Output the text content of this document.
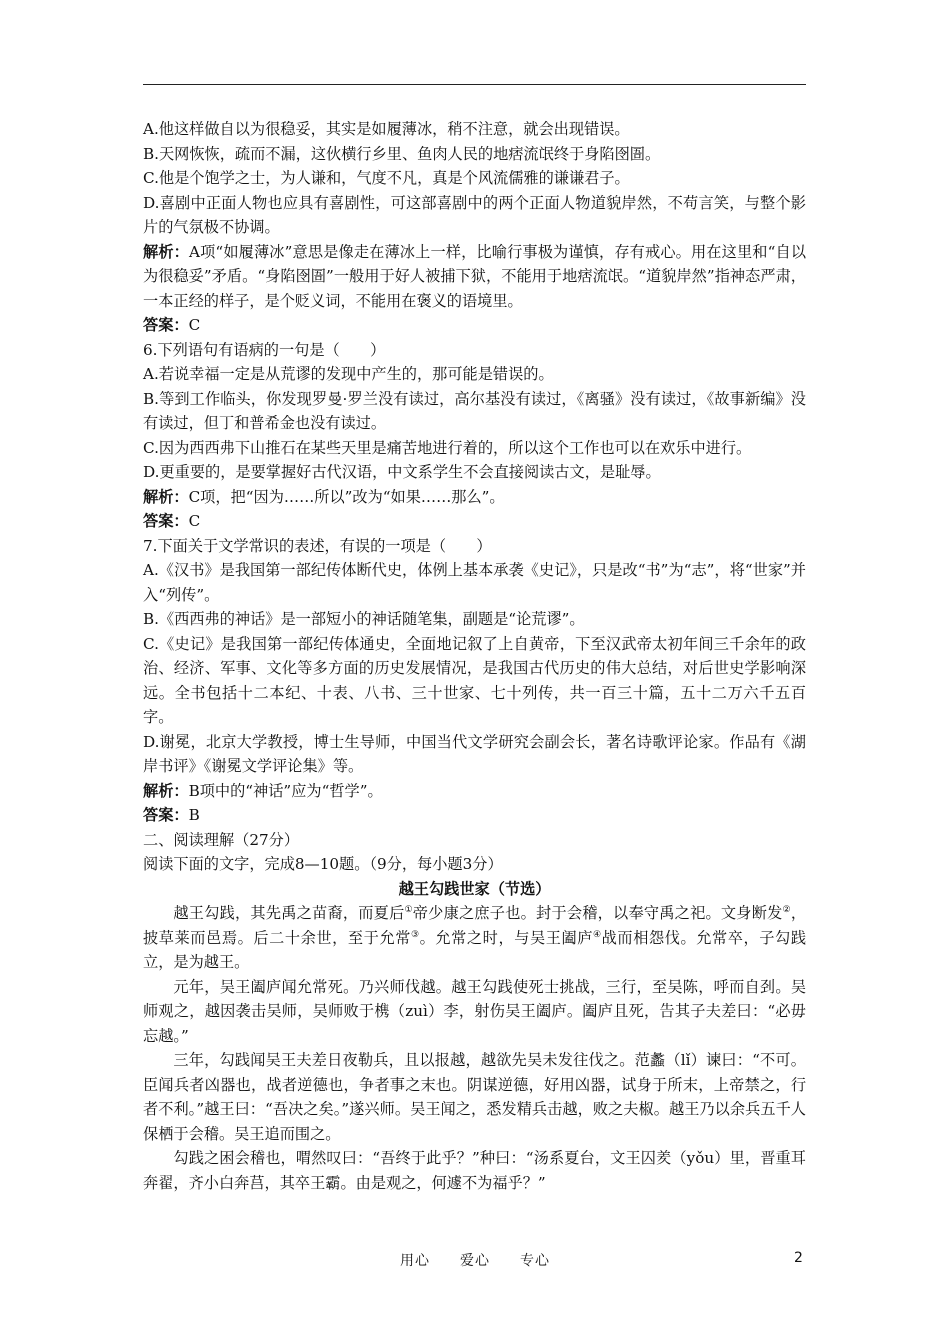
A.他这样做自以为很稳妥，其实是如履薄冰，稍不注意，就会出现错误。

B.天网恢恢，疏而不漏，这伙横行乡里、鱼肉人民的地痞流氓终于身陷囹圄。

C.他是个饱学之士，为人谦和，气度不凡，真是个风流儒雅的谦谦君子。

D.喜剧中正面人物也应具有喜剧性，可这部喜剧中的两个正面人物道貌岸然，不苟言笑，与整个影片的气氛极不协调。

解析：A项“如履薄冰”意思是像走在薄冰上一样，比喻行事极为谨慎，存有戒心。用在这里和“自以为很稳妥”矛盾。“身陷囹圄”一般用于好人被捕下狱，不能用于地痞流氓。“道貌岸然”指神态严肃，一本正经的样子，是个贬义词，不能用在褒义的语境里。

答案：C

6.下列语句有语病的一句是（　　）

A.若说幸福一定是从荒谬的发现中产生的，那可能是错误的。

B.等到工作临头，你发现罗曼·罗兰没有读过，高尔基没有读过，《离骚》没有读过，《故事新编》没有读过，但丁和普希金也没有读过。

C.因为西西弗下山推石在某些天里是痛苦地进行着的，所以这个工作也可以在欢乐中进行。

D.更重要的，是要掌握好古代汉语，中文系学生不会直接阅读古文，是耻辱。

解析：C项，把“因为……所以”改为“如果……那么”。

答案：C

7.下面关于文学常识的表述，有误的一项是（　　）

A.《汉书》是我国第一部纪传体断代史，体例上基本承袭《史记》，只是改“书”为“志”，将“世家”并入“列传”。

B.《西西弗的神话》是一部短小的神话随笔集，副题是“论荒谬”。

C.《史记》是我国第一部纪传体通史，全面地记叙了上自黄帝，下至汉武帝太初年间三千余年的政治、经济、军事、文化等多方面的历史发展情况，是我国古代历史的伟大总结，对后世史学影响深远。全书包括十二本纪、十表、八书、三十世家、七十列传，共一百三十篇，五十二万六千五百字。

D.谢冕，北京大学教授，博士生导师，中国当代文学研究会副会长，著名诗歌评论家。作品有《湖岸书评》《谢冕文学评论集》等。

解析：B项中的“神话”应为“哲学”。

答案：B

二、阅读理解（27分）

阅读下面的文字，完成8—10题。（9分，每小题3分）

越王勾践世家（节选）

越王勾践，其先禹之苗裔，而夏后①帝少康之庶子也。封于会稽，以奉守禹之祀。文身断发②，披草莱而邑焉。后二十余世，至于允常③。允常之时，与吴王阖庐④战而相怨伐。允常卒，子勾践立，是为越王。

元年，吴王阖庐闻允常死。乃兴师伐越。越王勾践使死士挑战，三行，至吴陈，呼而自刭。吴师观之，越因袭击吴师，吴师败于槜（zuì）李，射伤吴王阖庐。阖庐且死，告其子夫差曰：“必毋忘越。”

三年，勾践闻吴王夫差日夜勒兵，且以报越，越欲先吴未发往伐之。范蠡（lǐ）谏曰：“不可。臣闻兵者凶器也，战者逆德也，争者事之末也。阴谋逆德，好用凶器，试身于所末，上帝禁之，行者不利。”越王曰：“吾决之矣。”遂兴师。吴王闻之，悉发精兵击越，败之夫椒。越王乃以余兵五千人保栖于会稽。吴王追而围之。

勾践之困会稽也，喟然叹曰：“吾终于此乎？”种曰：“汤系夏台，文王囚羑（yǒu）里，晋重耳奔翟，齐小白奔莒，其卒王霸。由是观之，何遽不为福乎？”

用心　　爱心　　专心	2
